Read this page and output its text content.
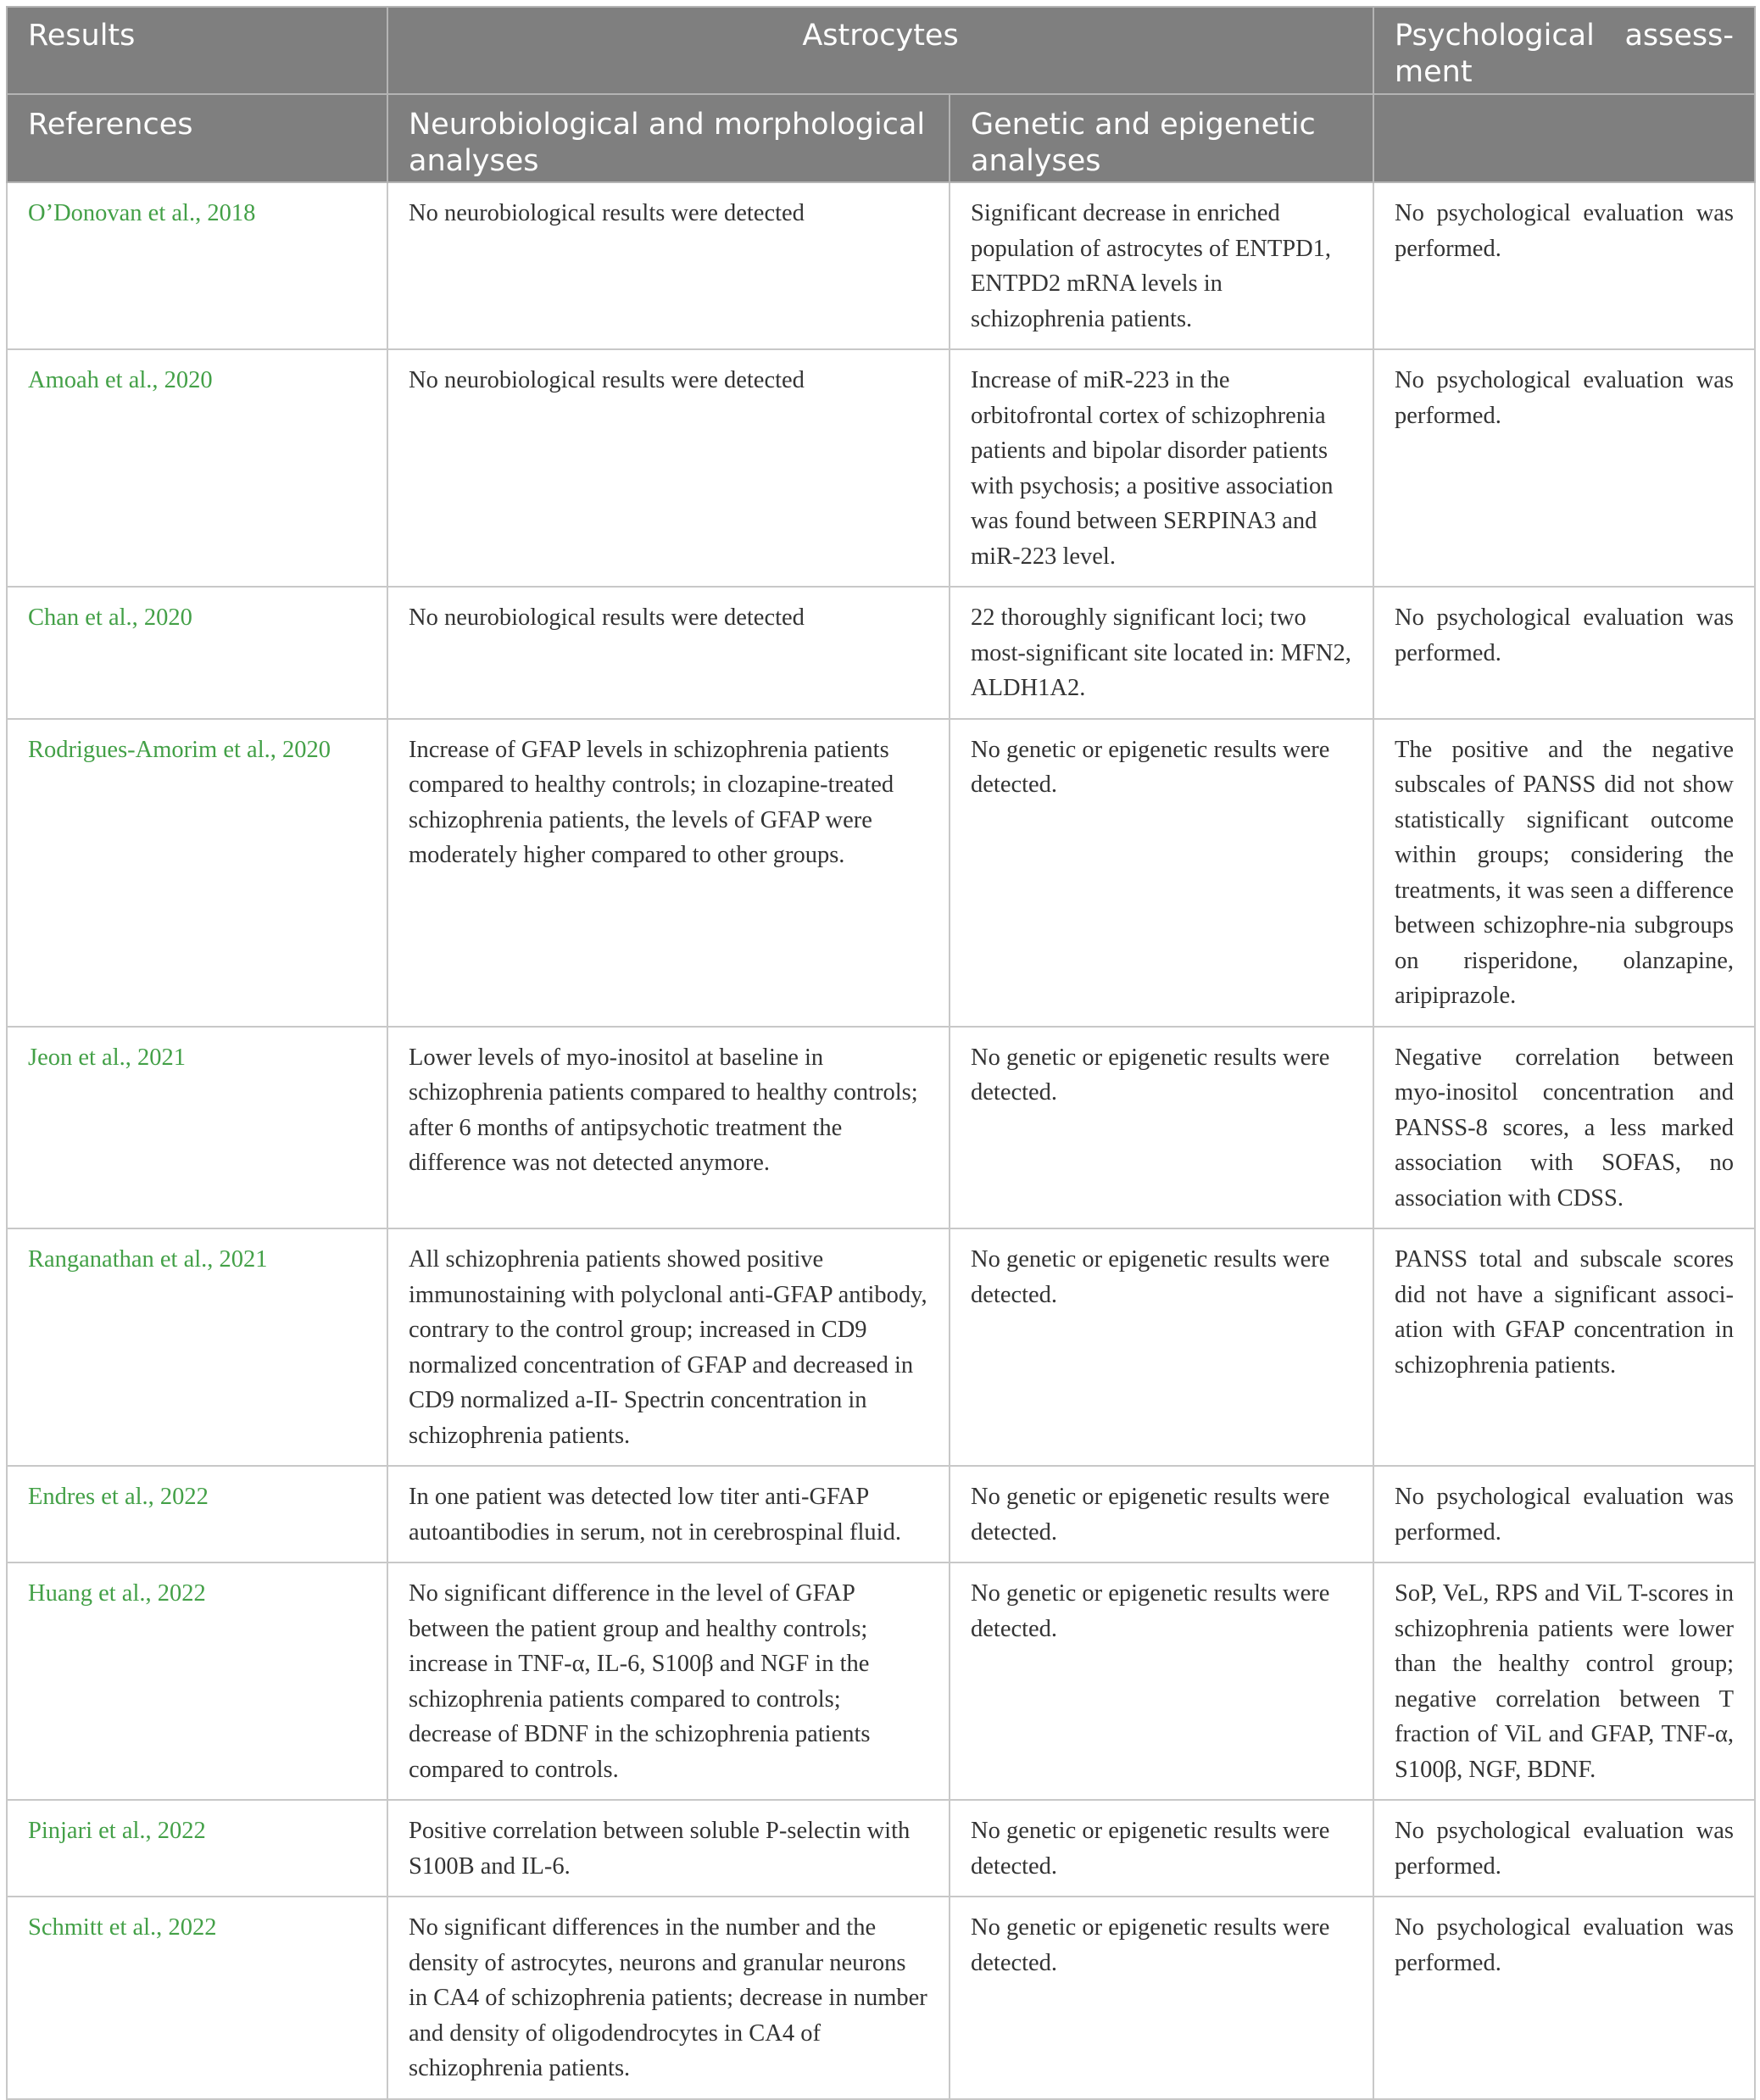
Results	Astrocytes		Psychological assess-ment
References	Neurobiological and morphological analyses	Genetic and epigenetic analyses	
O’Donovan et al., 2018	No neurobiological results were detected	Significant decrease in enriched population of astrocytes of ENTPD1, ENTPD2 mRNA levels in schizophrenia patients.	No psychological evaluation was performed.
Amoah et al., 2020	No neurobiological results were detected	Increase of miR-223 in the orbitofrontal cortex of schizophrenia patients and bipolar disorder patients with psychosis; a positive association was found between SERPINA3 and miR-223 level.	No psychological evaluation was performed.
Chan et al., 2020	No neurobiological results were detected	22 thoroughly significant loci; two most-significant site located in: MFN2, ALDH1A2.	No psychological evaluation was performed.
Rodrigues-Amorim et al., 2020	Increase of GFAP levels in schizophrenia patients compared to healthy controls; in clozapine-treated schizophrenia patients, the levels of GFAP were moderately higher compared to other groups.	No genetic or epigenetic results were detected.	The positive and the negative subscales of PANSS did not show statistically significant outcome within groups; considering the treatments, it was seen a difference between schizophre-nia subgroups on risperidone, olanzapine, aripiprazole.
Jeon et al., 2021	Lower levels of myo-inositol at baseline in schizophrenia patients compared to healthy controls; after 6 months of antipsychotic treatment the difference was not detected anymore.	No genetic or epigenetic results were detected.	Negative correlation between myo-inositol concentration and PANSS-8 scores, a less marked association with SOFAS, no association with CDSS.
Ranganathan et al., 2021	All schizophrenia patients showed positive immunostaining with polyclonal anti-GFAP antibody, contrary to the control group; increased in CD9 normalized concentration of GFAP and decreased in CD9 normalized a-II- Spectrin concentration in schizophrenia patients.	No genetic or epigenetic results were detected.	PANSS total and subscale scores did not have a significant associ-ation with GFAP concentration in schizophrenia patients.
Endres et al., 2022	In one patient was detected low titer anti-GFAP autoantibodies in serum, not in cerebrospinal fluid.	No genetic or epigenetic results were detected.	No psychological evaluation was performed.
Huang et al., 2022	No significant difference in the level of GFAP between the patient group and healthy controls; increase in TNF-α, IL-6, S100β and NGF in the schizophrenia patients compared to controls; decrease of BDNF in the schizophrenia patients compared to controls.	No genetic or epigenetic results were detected.	SoP, VeL, RPS and ViL T-scores in schizophrenia patients were lower than the healthy control group; negative correlation between T fraction of ViL and GFAP, TNF-α, S100β, NGF, BDNF.
Pinjari et al., 2022	Positive correlation between soluble P-selectin with S100B and IL-6.	No genetic or epigenetic results were detected.	No psychological evaluation was performed.
Schmitt et al., 2022	No significant differences in the number and the density of astrocytes, neurons and granular neurons in CA4 of schizophrenia patients; decrease in number and density of oligodendrocytes in CA4 of schizophrenia patients.	No genetic or epigenetic results were detected.	No psychological evaluation was performed.
